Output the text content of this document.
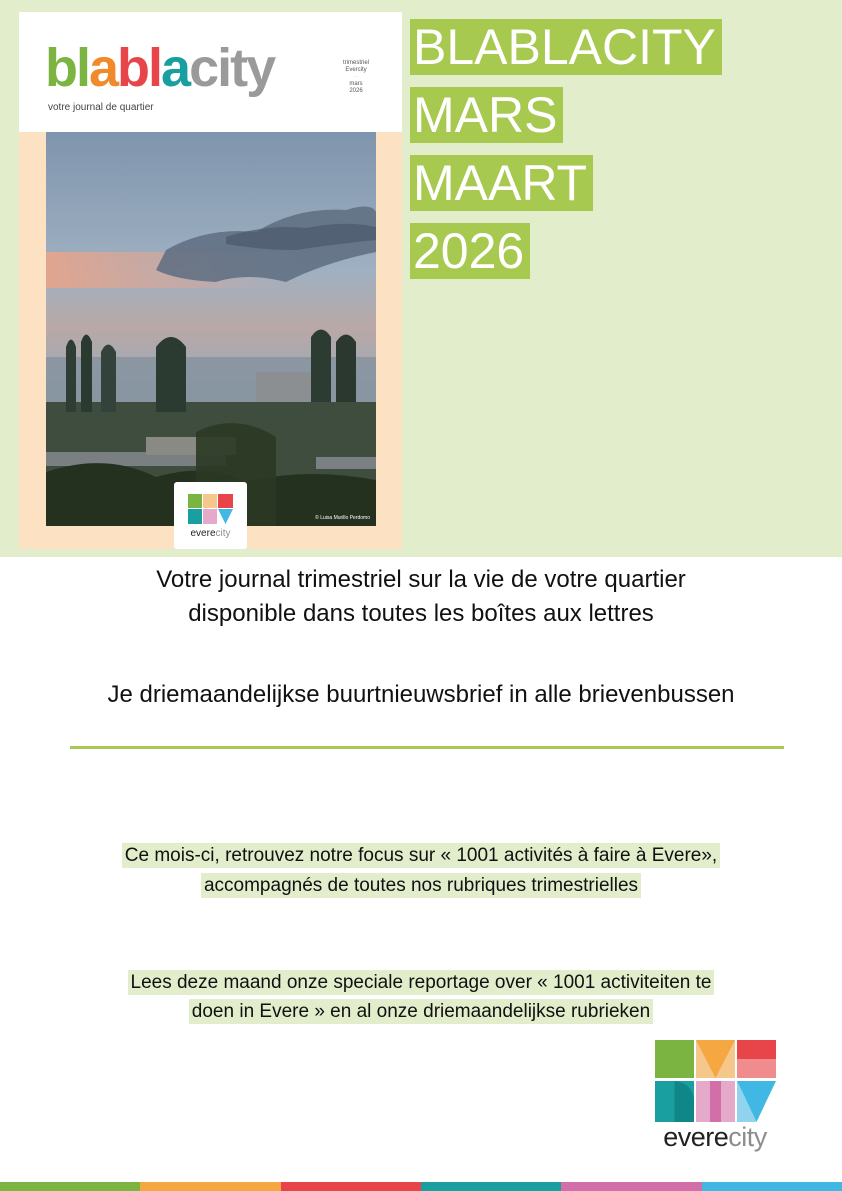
blablacity
votre journal de quartier
trimestriel
Evercity
···
mars
2026
© Luisa Murillo Perdomo
everecity
BLABLACITY
MARS
MAART
2026
Votre journal trimestriel sur la vie de votre quartier
disponible dans toutes les boîtes aux lettres
Je driemaandelijkse buurtnieuwsbrief in alle brievenbussen
Ce mois-ci, retrouvez notre focus sur « 1001 activités à faire à Evere»,
accompagnés de toutes nos rubriques trimestrielles
Lees deze maand onze speciale reportage over « 1001 activiteiten te
doen in Evere » en al onze driemaandelijkse rubrieken
everecity
